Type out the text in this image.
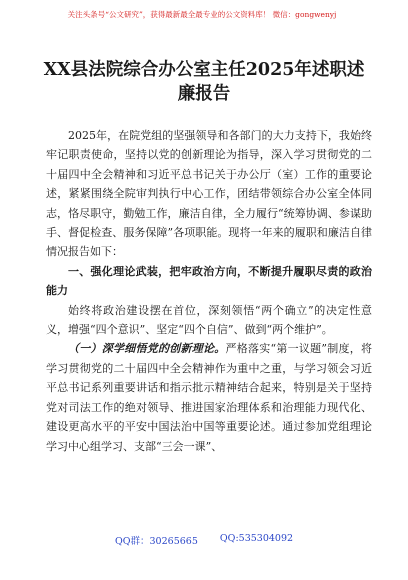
关注头条号“公文研究”，获得最新最全最专业的公文资料库！ 微信：gongwenyj
XX县法院综合办公室主任2025年述职述
廉报告

2025年，在院党组的坚强领导和各部门的大力支持下，我始终牢记职责使命，坚持以党的创新理论为指导，深入学习贯彻党的二十届四中全会精神和习近平总书记关于办公厅（室）工作的重要论述，紧紧围绕全院审判执行中心工作，团结带领综合办公室全体同志，恪尽职守，勤勉工作，廉洁自律，全力履行“统筹协调、参谋助手、督促检查、服务保障”各项职能。现将一年来的履职和廉洁自律情况报告如下：

一、强化理论武装，把牢政治方向，不断提升履职尽责的政治能力

始终将政治建设摆在首位，深刻领悟“两个确立”的决定性意义，增强“四个意识”、坚定“四个自信”、做到“两个维护”。

（一）深学细悟党的创新理论。严格落实“第一议题”制度，将学习贯彻党的二十届四中全会精神作为重中之重，与学习领会习近平总书记系列重要讲话和指示批示精神结合起来，特别是关于坚持党对司法工作的绝对领导、推进国家治理体系和治理能力现代化、建设更高水平的平安中国法治中国等重要论述。通过参加党组理论学习中心组学习、支部“三会一课”、

QQ群：30265665 QQ:535304092
